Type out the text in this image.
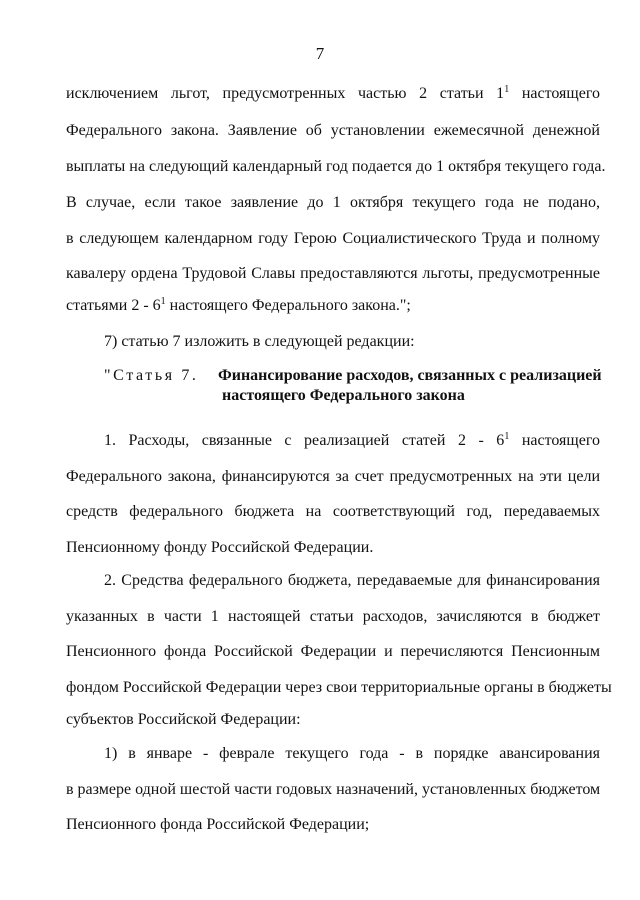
7
исключением льгот, предусмотренных частью 2 статьи $1^1$ настоящего
Федерального закона. Заявление об установлении ежемесячной денежной
выплаты на следующий календарный год подается до 1 октября текущего года.
В случае, если такое заявление до 1 октября текущего года не подано,
в следующем календарном году Герою Социалистического Труда и полному
кавалеру ордена Трудовой Славы предоставляются льготы, предусмотренные
статьями $2 - 6^1$ настоящего Федерального закона.";
7) статью 7 изложить в следующей редакции:
"Статья 7. Финансирование расходов, связанных с реализацией
настоящего Федерального закона
1. Расходы, связанные с реализацией статей $2 - 6^1$ настоящего
Федерального закона, финансируются за счет предусмотренных на эти цели
средств федерального бюджета на соответствующий год, передаваемых
Пенсионному фонду Российской Федерации.
2. Средства федерального бюджета, передаваемые для финансирования
указанных в части 1 настоящей статьи расходов, зачисляются в бюджет
Пенсионного фонда Российской Федерации и перечисляются Пенсионным
фондом Российской Федерации через свои территориальные органы в бюджеты
субъектов Российской Федерации:
1) в январе - феврале текущего года - в порядке авансирования
в размере одной шестой части годовых назначений, установленных бюджетом
Пенсионного фонда Российской Федерации;
